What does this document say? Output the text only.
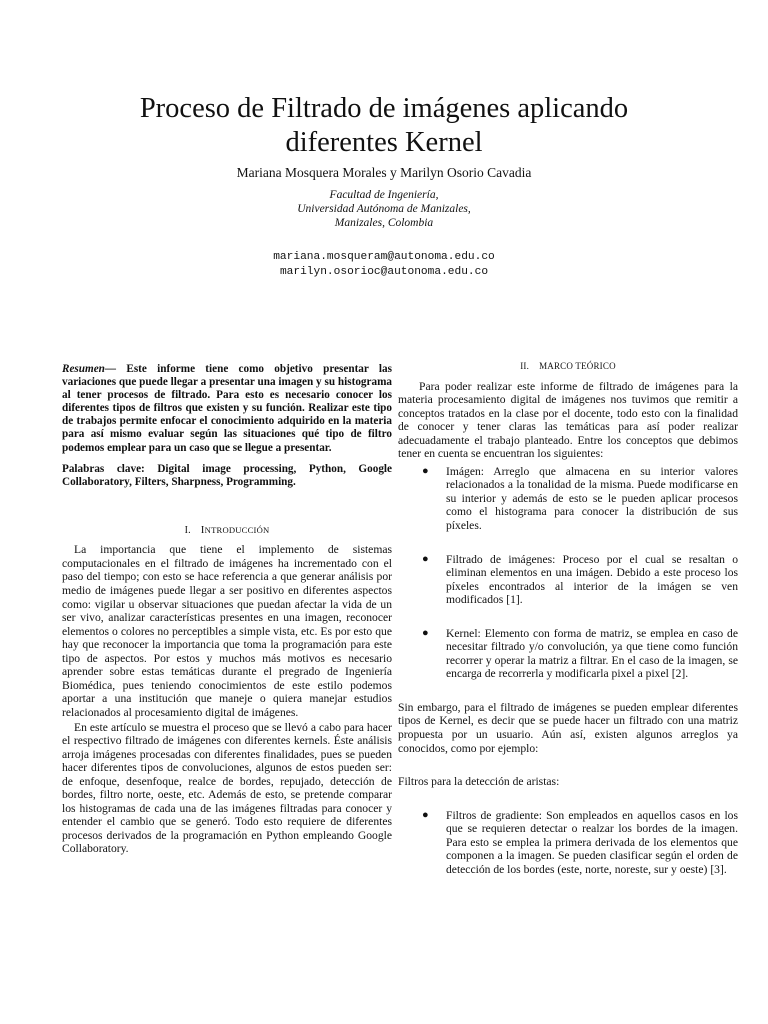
Proceso de Filtrado de imágenes aplicando
diferentes Kernel
Mariana Mosquera Morales y Marilyn Osorio Cavadia
Facultad de Ingeniería,
Universidad Autónoma de Manizales,
Manizales, Colombia
mariana.mosqueram@autonoma.edu.co
marilyn.osorioc@autonoma.edu.co
Resumen— Este informe tiene como objetivo presentar las variaciones que puede llegar a presentar una imagen y su histograma al tener procesos de filtrado. Para esto es necesario conocer los diferentes tipos de filtros que existen y su función. Realizar este tipo de trabajos permite enfocar el conocimiento adquirido en la materia para así mismo evaluar según las situaciones qué tipo de filtro podemos emplear para un caso que se llegue a presentar.
Palabras clave: Digital image processing, Python, Google Collaboratory, Filters, Sharpness, Programming.
I. INTRODUCCIÓN

La importancia que tiene el implemento de sistemas computacionales en el filtrado de imágenes ha incrementado con el paso del tiempo; con esto se hace referencia a que generar análisis por medio de imágenes puede llegar a ser positivo en diferentes aspectos como: vigilar u observar situaciones que puedan afectar la vida de un ser vivo, analizar características presentes en una imagen, reconocer elementos o colores no perceptibles a simple vista, etc. Es por esto que hay que reconocer la importancia que toma la programación para este tipo de aspectos. Por estos y muchos más motivos es necesario aprender sobre estas temáticas durante el pregrado de Ingeniería Biomédica, pues teniendo conocimientos de este estilo podemos aportar a una institución que maneje o quiera manejar estudios relacionados al procesamiento digital de imágenes.

En este artículo se muestra el proceso que se llevó a cabo para hacer el respectivo filtrado de imágenes con diferentes kernels. Éste análisis arroja imágenes procesadas con diferentes finalidades, pues se pueden hacer diferentes tipos de convoluciones, algunos de estos pueden ser: de enfoque, desenfoque, realce de bordes, repujado, detección de bordes, filtro norte, oeste, etc. Además de esto, se pretende comparar los histogramas de cada una de las imágenes filtradas para conocer y entender el cambio que se generó. Todo esto requiere de diferentes procesos derivados de la programación en Python empleando Google Collaboratory.

II. MARCO TEÓRICO

Para poder realizar este informe de filtrado de imágenes para la materia procesamiento digital de imágenes nos tuvimos que remitir a conceptos tratados en la clase por el docente, todo esto con la finalidad de conocer y tener claras las temáticas para así poder realizar adecuadamente el trabajo planteado. Entre los conceptos que debimos tener en cuenta se encuentran los siguientes:

● Imágen: Arreglo que almacena en su interior valores relacionados a la tonalidad de la misma. Puede modificarse en su interior y además de esto se le pueden aplicar procesos como el histograma para conocer la distribución de sus píxeles.
● Filtrado de imágenes: Proceso por el cual se resaltan o eliminan elementos en una imágen. Debido a este proceso los píxeles encontrados al interior de la imágen se ven modificados [1].
● Kernel: Elemento con forma de matriz, se emplea en caso de necesitar filtrado y/o convolución, ya que tiene como función recorrer y operar la matriz a filtrar. En el caso de la imagen, se encarga de recorrerla y modificarla pixel a pixel [2].

Sin embargo, para el filtrado de imágenes se pueden emplear diferentes tipos de Kernel, es decir que se puede hacer un filtrado con una matriz propuesta por un usuario. Aún así, existen algunos arreglos ya conocidos, como por ejemplo:

Filtros para la detección de aristas:

● Filtros de gradiente: Son empleados en aquellos casos en los que se requieren detectar o realzar los bordes de la imagen. Para esto se emplea la primera derivada de los elementos que componen a la imagen. Se pueden clasificar según el orden de detección de los bordes (este, norte, noreste, sur y oeste) [3].
